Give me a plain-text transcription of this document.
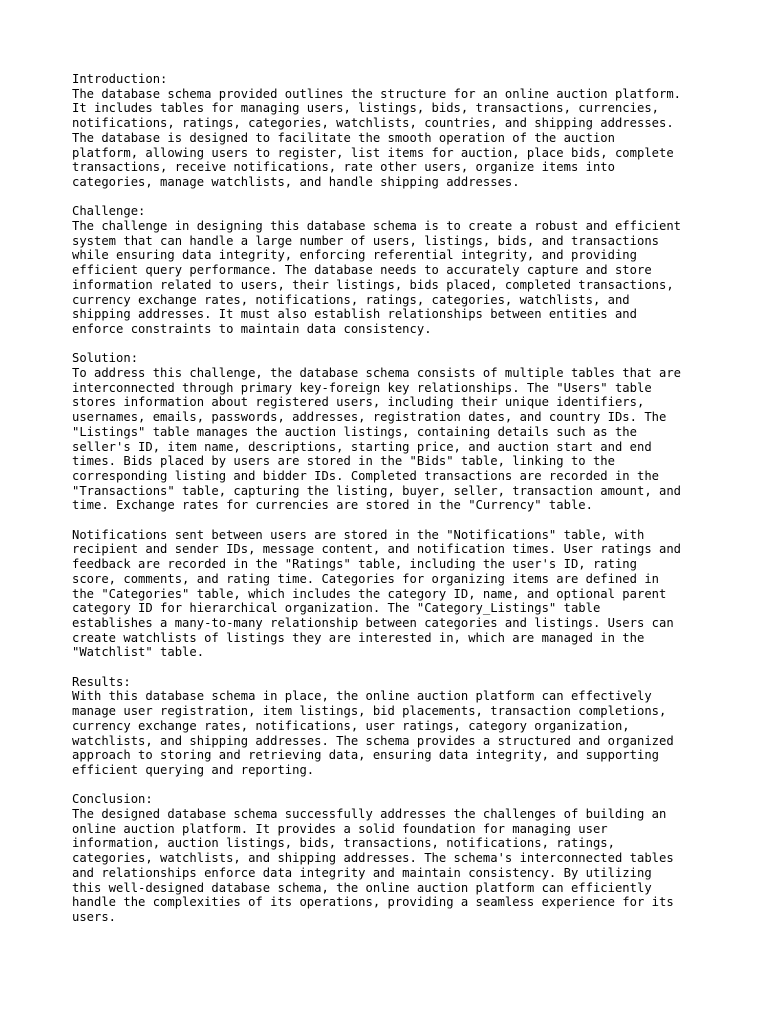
Introduction:
The database schema provided outlines the structure for an online auction platform.
It includes tables for managing users, listings, bids, transactions, currencies,
notifications, ratings, categories, watchlists, countries, and shipping addresses.
The database is designed to facilitate the smooth operation of the auction
platform, allowing users to register, list items for auction, place bids, complete
transactions, receive notifications, rate other users, organize items into
categories, manage watchlists, and handle shipping addresses.
Challenge:
The challenge in designing this database schema is to create a robust and efficient
system that can handle a large number of users, listings, bids, and transactions
while ensuring data integrity, enforcing referential integrity, and providing
efficient query performance. The database needs to accurately capture and store
information related to users, their listings, bids placed, completed transactions,
currency exchange rates, notifications, ratings, categories, watchlists, and
shipping addresses. It must also establish relationships between entities and
enforce constraints to maintain data consistency.
Solution:
To address this challenge, the database schema consists of multiple tables that are
interconnected through primary key-foreign key relationships. The "Users" table
stores information about registered users, including their unique identifiers,
usernames, emails, passwords, addresses, registration dates, and country IDs. The
"Listings" table manages the auction listings, containing details such as the
seller's ID, item name, descriptions, starting price, and auction start and end
times. Bids placed by users are stored in the "Bids" table, linking to the
corresponding listing and bidder IDs. Completed transactions are recorded in the
"Transactions" table, capturing the listing, buyer, seller, transaction amount, and
time. Exchange rates for currencies are stored in the "Currency" table.
Notifications sent between users are stored in the "Notifications" table, with
recipient and sender IDs, message content, and notification times. User ratings and
feedback are recorded in the "Ratings" table, including the user's ID, rating
score, comments, and rating time. Categories for organizing items are defined in
the "Categories" table, which includes the category ID, name, and optional parent
category ID for hierarchical organization. The "Category_Listings" table
establishes a many-to-many relationship between categories and listings. Users can
create watchlists of listings they are interested in, which are managed in the
"Watchlist" table.
Results:
With this database schema in place, the online auction platform can effectively
manage user registration, item listings, bid placements, transaction completions,
currency exchange rates, notifications, user ratings, category organization,
watchlists, and shipping addresses. The schema provides a structured and organized
approach to storing and retrieving data, ensuring data integrity, and supporting
efficient querying and reporting.
Conclusion:
The designed database schema successfully addresses the challenges of building an
online auction platform. It provides a solid foundation for managing user
information, auction listings, bids, transactions, notifications, ratings,
categories, watchlists, and shipping addresses. The schema's interconnected tables
and relationships enforce data integrity and maintain consistency. By utilizing
this well-designed database schema, the online auction platform can efficiently
handle the complexities of its operations, providing a seamless experience for its
users.
